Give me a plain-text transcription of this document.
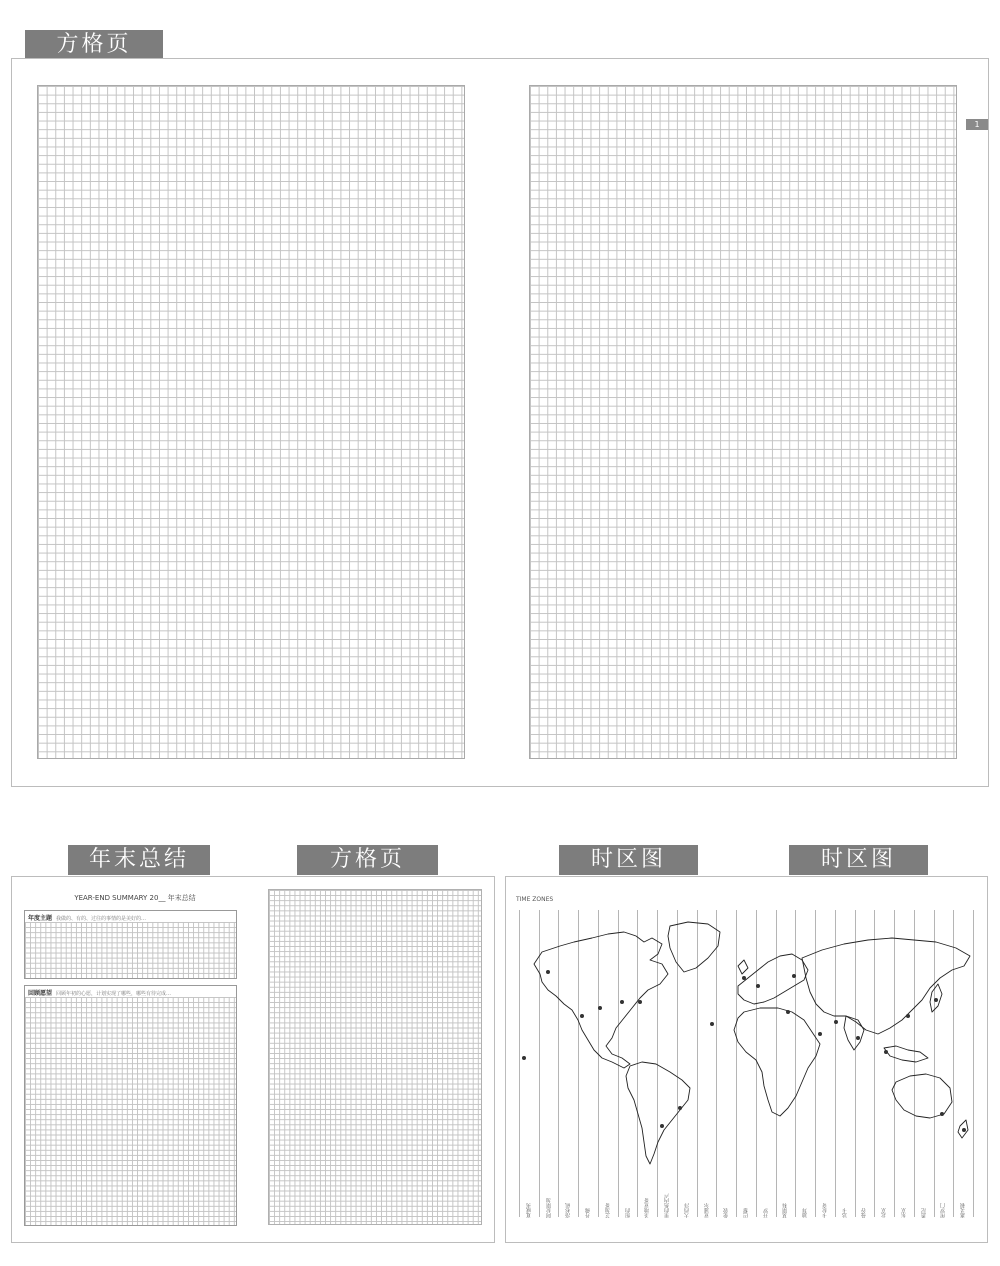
方格页
1
年末总结	方格页	时区图	时区图
YEAR-END SUMMARY 20__ 年末总结
年度主题 我做的、有的、过往的事情的是美好的…
回顾愿望 回顾年初的心愿，计划实现了哪些，哪些有待完成…
TIME ZONES
夏威夷	阿拉斯加	洛杉矶	丹佛	芝加哥	纽约	圣地亚哥	里约热内卢	大西洋	亚速尔	伦敦	巴黎	开罗	莫斯科	迪拜	卡拉奇	达卡	曼谷	北京	东京	悉尼	所罗门	惠灵顿
